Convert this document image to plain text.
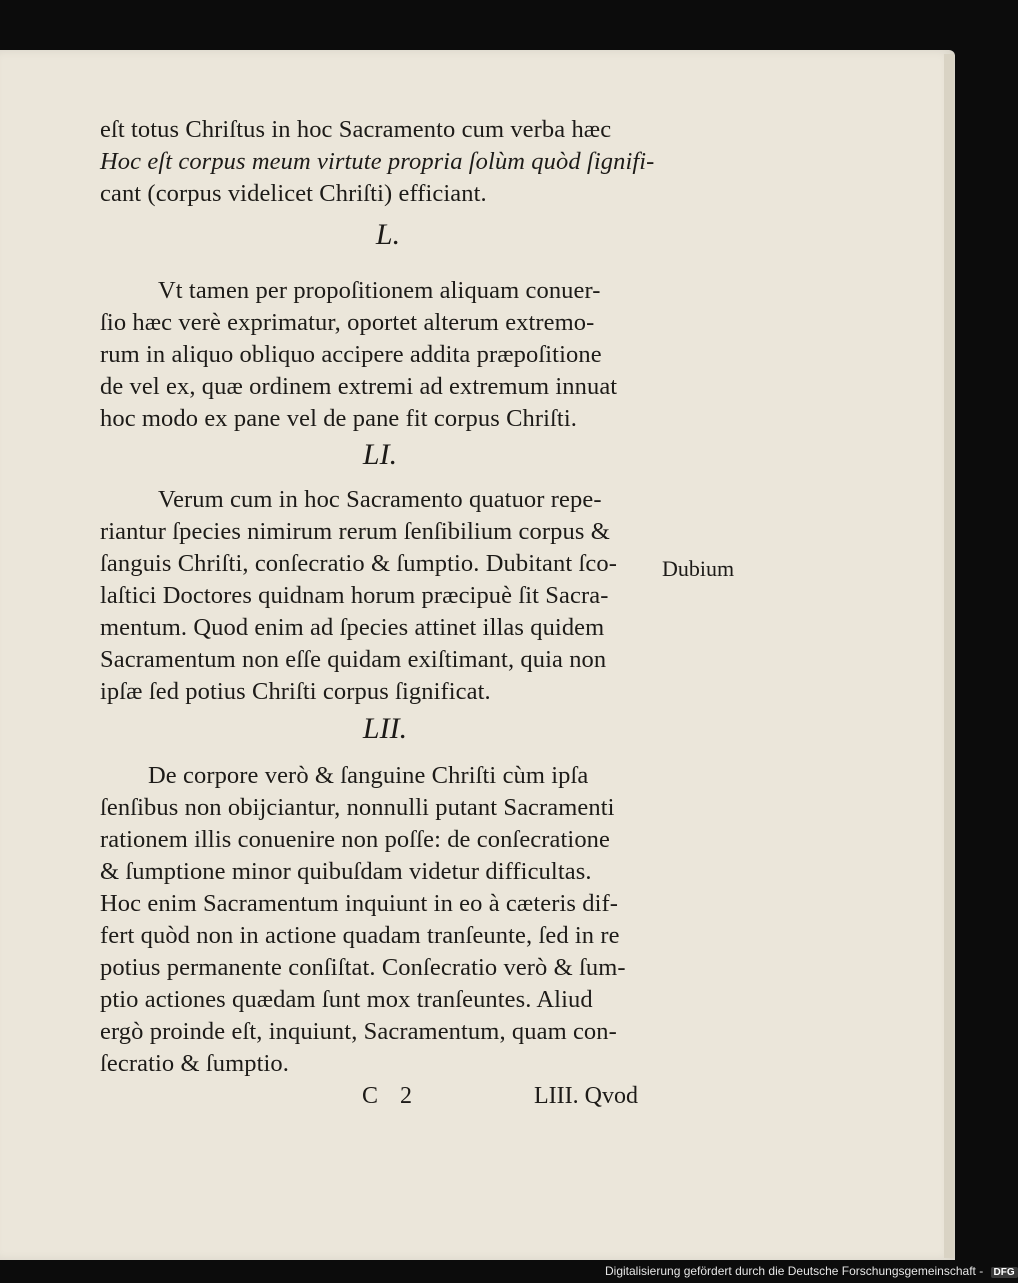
eſt totus Chriſtus in hoc Sacramento cum verba hæc
Hoc eſt corpus meum virtute propria ſolùm quòd ſignifi-
cant (corpus videlicet Chriſti) efficiant.
L.
Vt tamen per propoſitionem aliquam conuer-
ſio hæc verè exprimatur, oportet alterum extremo-
rum in aliquo obliquo accipere addita præpoſitione
de vel ex, quæ ordinem extremi ad extremum innuat
hoc modo ex pane vel de pane fit corpus Chriſti.
LI.
Verum cum in hoc Sacramento quatuor repe-
riantur ſpecies nimirum rerum ſenſibilium corpus &
ſanguis Chriſti, conſecratio & ſumptio. Dubitant ſco-
laſtici Doctores quidnam horum præcipuè ſit Sacra-
mentum. Quod enim ad ſpecies attinet illas quidem
Sacramentum non eſſe quidam exiſtimant, quia non
ipſæ ſed potius Chriſti corpus ſignificat.
Dubium
LII.
De corpore verò & ſanguine Chriſti cùm ipſa
ſenſibus non obijciantur, nonnulli putant Sacramenti
rationem illis conuenire non poſſe: de conſecratione
& ſumptione minor quibuſdam videtur difficultas.
Hoc enim Sacramentum inquiunt in eo à cæteris dif-
fert quòd non in actione quadam tranſeunte, ſed in re
potius permanente conſiſtat. Conſecratio verò & ſum-
ptio actiones quædam ſunt mox tranſeuntes. Aliud
ergò proinde eſt, inquiunt, Sacramentum, quam con-
ſecratio & ſumptio.
C 2	LIII. Qvod
Digitalisierung gefördert durch die Deutsche Forschungsgemeinschaft - DFG
